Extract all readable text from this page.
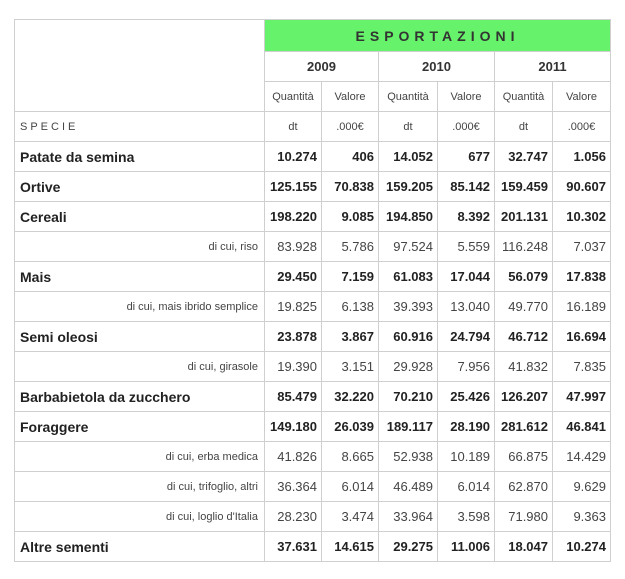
	ESPORTAZIONI					
	2009		2010		2011	
	Quantità	Valore	Quantità	Valore	Quantità	Valore
SPECIE	dt	.000€	dt	.000€	dt	.000€
Patate da semina	10.274	406	14.052	677	32.747	1.056
Ortive	125.155	70.838	159.205	85.142	159.459	90.607
Cereali	198.220	9.085	194.850	8.392	201.131	10.302
di cui, riso	83.928	5.786	97.524	5.559	116.248	7.037
Mais	29.450	7.159	61.083	17.044	56.079	17.838
di cui, mais ibrido semplice	19.825	6.138	39.393	13.040	49.770	16.189
Semi oleosi	23.878	3.867	60.916	24.794	46.712	16.694
di cui, girasole	19.390	3.151	29.928	7.956	41.832	7.835
Barbabietola da zucchero	85.479	32.220	70.210	25.426	126.207	47.997
Foraggere	149.180	26.039	189.117	28.190	281.612	46.841
di cui, erba medica	41.826	8.665	52.938	10.189	66.875	14.429
di cui, trifoglio, altri	36.364	6.014	46.489	6.014	62.870	9.629
di cui, loglio d'Italia	28.230	3.474	33.964	3.598	71.980	9.363
Altre sementi	37.631	14.615	29.275	11.006	18.047	10.274
